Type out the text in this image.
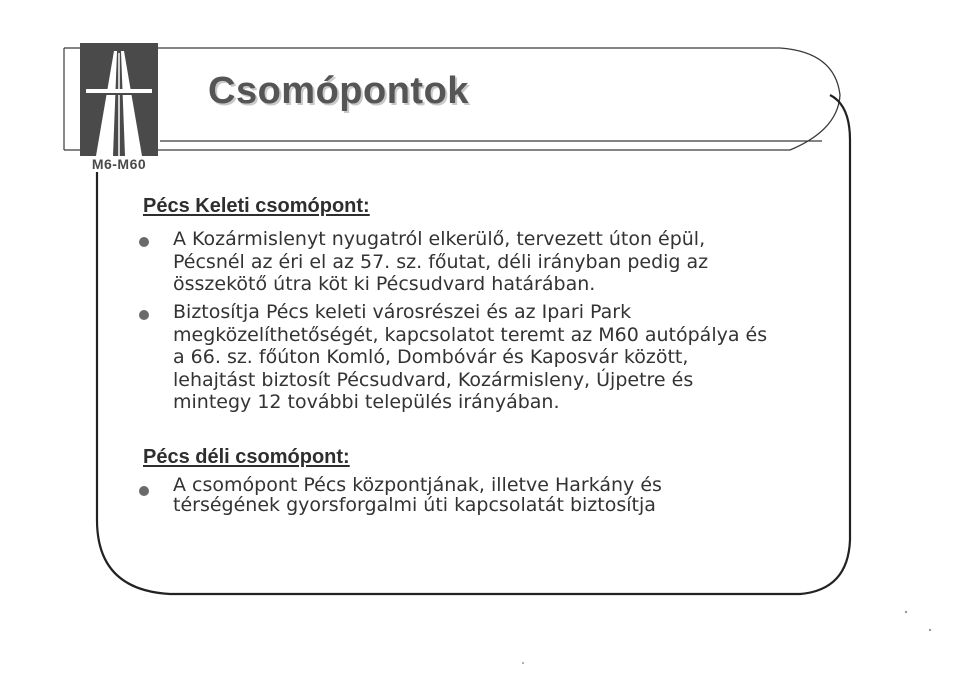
M6-M60
Csomópontok
Pécs Keleti csomópont:
A Kozármislenyt nyugatról elkerülő, tervezett úton épül,
Pécsnél az éri el az 57. sz. főutat, déli irányban pedig az
összekötő útra köt ki Pécsudvard határában.
Biztosítja Pécs keleti városrészei és az Ipari Park
megközelíthetőségét, kapcsolatot teremt az M60 autópálya és
a 66. sz. főúton Komló, Dombóvár és Kaposvár között,
lehajtást biztosít Pécsudvard, Kozármisleny, Újpetre és
mintegy 12 további település irányában.
Pécs déli csomópont:
A csomópont Pécs központjának, illetve Harkány és
térségének gyorsforgalmi úti kapcsolatát biztosítja
